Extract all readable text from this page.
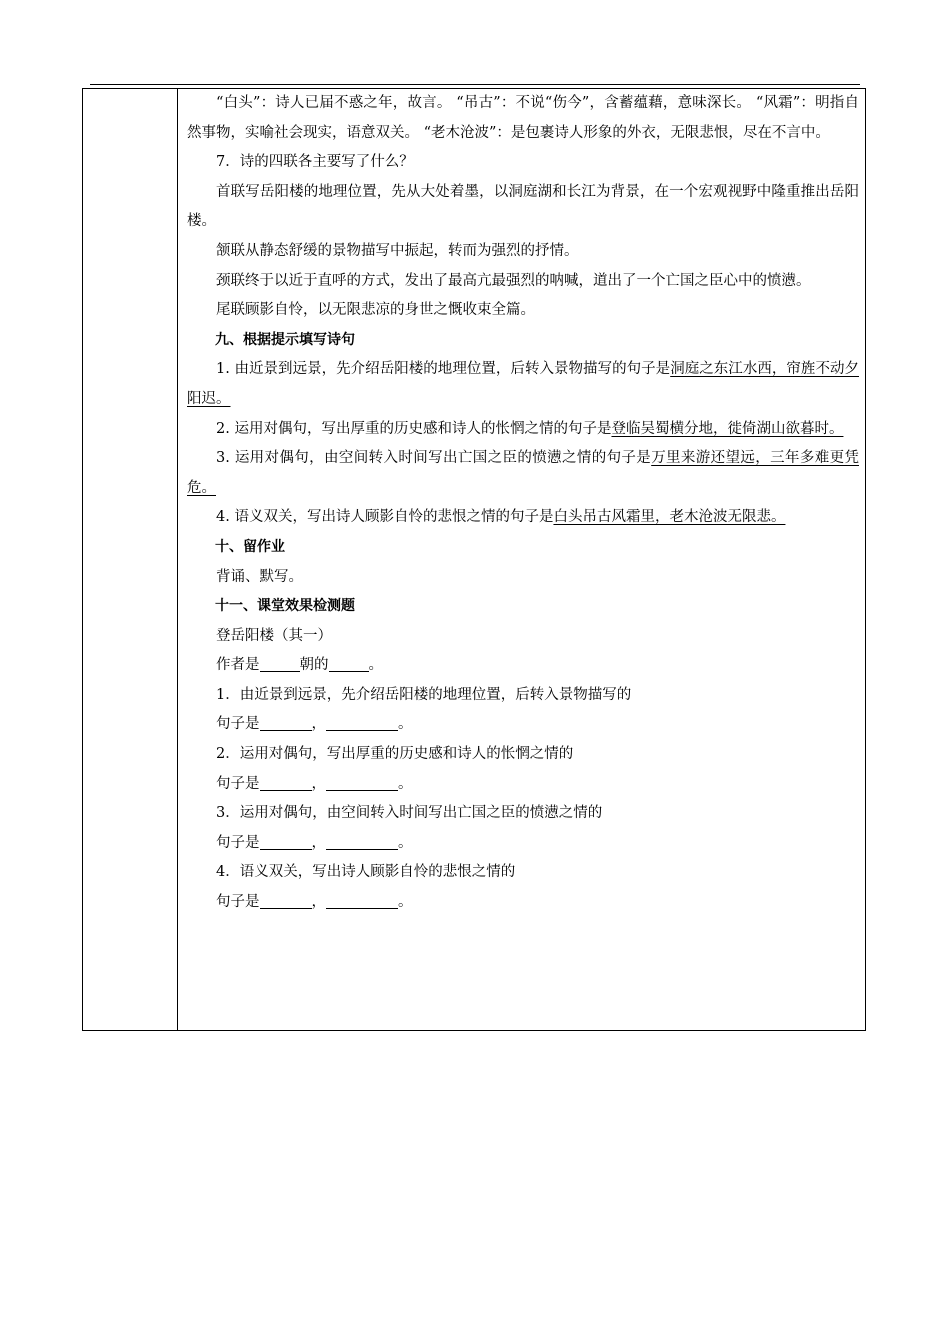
“白头”：诗人已届不惑之年，故言。 “吊古”：不说“伤今”，含蓄蕴藉，意味深长。 “风霜”：明指自然事物，实喻社会现实，语意双关。 “老木沧波”：是包裹诗人形象的外衣，无限悲恨，尽在不言中。

7．诗的四联各主要写了什么？

首联写岳阳楼的地理位置，先从大处着墨，以洞庭湖和长江为背景，在一个宏观视野中隆重推出岳阳楼。

颔联从静态舒缓的景物描写中振起，转而为强烈的抒情。

颈联终于以近于直呼的方式，发出了最高亢最强烈的呐喊，道出了一个亡国之臣心中的愤懑。

尾联顾影自怜，以无限悲凉的身世之慨收束全篇。

九、根据提示填写诗句

1. 由近景到远景，先介绍岳阳楼的地理位置，后转入景物描写的句子是洞庭之东江水西，帘旌不动夕阳迟。

2. 运用对偶句，写出厚重的历史感和诗人的怅惘之情的句子是登临吴蜀横分地，徙倚湖山欲暮时。

3. 运用对偶句，由空间转入时间写出亡国之臣的愤懑之情的句子是万里来游还望远，三年多难更凭危。

4. 语义双关，写出诗人顾影自怜的悲恨之情的句子是白头吊古风霜里，老木沧波无限悲。

十、留作业

背诵、默写。

十一、课堂效果检测题

登岳阳楼（其一）

作者是	朝的	。

1．由近景到远景，先介绍岳阳楼的地理位置，后转入景物描写的

句子是	，	。

2．运用对偶句，写出厚重的历史感和诗人的怅惘之情的

句子是	，	。

3．运用对偶句，由空间转入时间写出亡国之臣的愤懑之情的

句子是	，	。

4．语义双关，写出诗人顾影自怜的悲恨之情的

句子是	，	。
